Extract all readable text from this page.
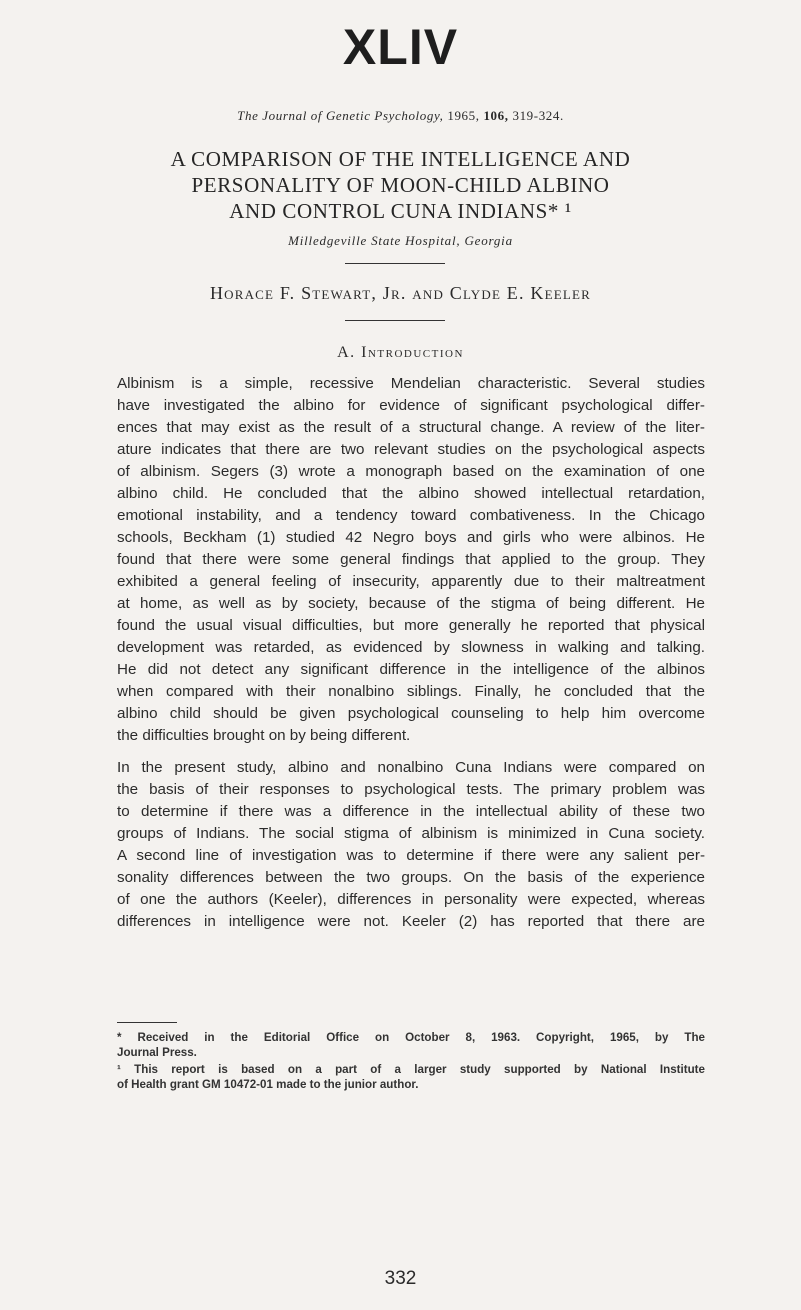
XLIV
The Journal of Genetic Psychology, 1965, 106, 319-324.
A COMPARISON OF THE INTELLIGENCE AND
PERSONALITY OF MOON-CHILD ALBINO
AND CONTROL CUNA INDIANS* ¹
Milledgeville State Hospital, Georgia
Horace F. Stewart, Jr. and Clyde E. Keeler
A. Introduction
Albinism is a simple, recessive Mendelian characteristic. Several studies
have investigated the albino for evidence of significant psychological differ-
ences that may exist as the result of a structural change. A review of the liter-
ature indicates that there are two relevant studies on the psychological aspects
of albinism. Segers (3) wrote a monograph based on the examination of one
albino child. He concluded that the albino showed intellectual retardation,
emotional instability, and a tendency toward combativeness. In the Chicago
schools, Beckham (1) studied 42 Negro boys and girls who were albinos. He
found that there were some general findings that applied to the group. They
exhibited a general feeling of insecurity, apparently due to their maltreatment
at home, as well as by society, because of the stigma of being different. He
found the usual visual difficulties, but more generally he reported that physical
development was retarded, as evidenced by slowness in walking and talking.
He did not detect any significant difference in the intelligence of the albinos
when compared with their nonalbino siblings. Finally, he concluded that the
albino child should be given psychological counseling to help him overcome
the difficulties brought on by being different.
In the present study, albino and nonalbino Cuna Indians were compared on
the basis of their responses to psychological tests. The primary problem was
to determine if there was a difference in the intellectual ability of these two
groups of Indians. The social stigma of albinism is minimized in Cuna society.
A second line of investigation was to determine if there were any salient per-
sonality differences between the two groups. On the basis of the experience
of one the authors (Keeler), differences in personality were expected, whereas
differences in intelligence were not. Keeler (2) has reported that there are
* Received in the Editorial Office on October 8, 1963. Copyright, 1965, by The
Journal Press.
¹ This report is based on a part of a larger study supported by National Institute
of Health grant GM 10472-01 made to the junior author.
332
